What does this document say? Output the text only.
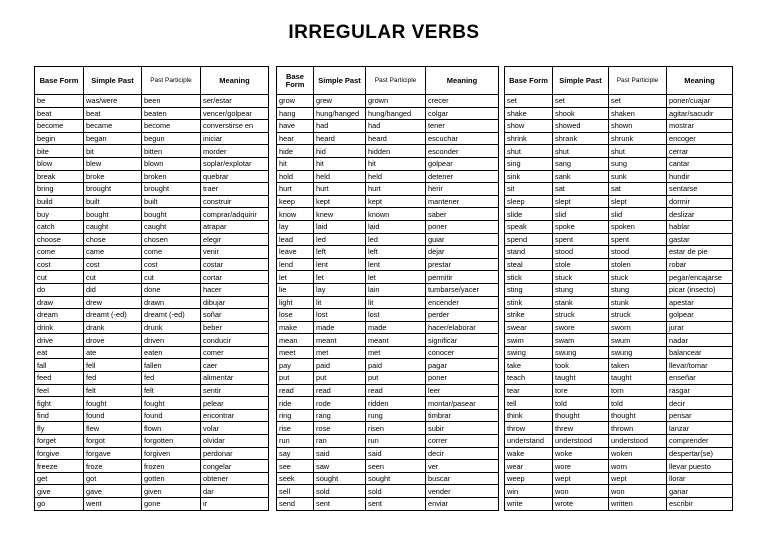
IRREGULAR VERBS
Base Form	Simple Past	Past Participle	Meaning
be	was/were	been	ser/estar
beat	beat	beaten	vencer/golpear
become	became	become	converstirse en
begin	began	begun	iniciar
bite	bit	bitten	morder
blow	blew	blown	soplar/explotar
break	broke	broken	quebrar
bring	brought	brought	traer
build	built	built	construir
buy	bought	bought	comprar/adquirir
catch	caught	caught	atrapar
choose	chose	chosen	elegir
come	came	come	venir
cost	cost	cost	costar
cut	cut	cut	cortar
do	did	done	hacer
draw	drew	drawn	dibujar
dream	dreamt (-ed)	dreamt (-ed)	soñar
drink	drank	drunk	beber
drive	drove	driven	conducir
eat	ate	eaten	comer
fall	fell	fallen	caer
feed	fed	fed	alimentar
feel	felt	felt	sentir
fight	fought	fought	pelear
find	found	found	encontrar
fly	flew	flown	volar
forget	forgot	forgotten	olvidar
forgive	forgave	forgiven	perdonar
freeze	froze	frozen	congelar
get	got	gotten	obtener
give	gave	given	dar
go	went	gone	ir
Base Form	Simple Past	Past Participle	Meaning
grow	grew	grown	crecer
hang	hung/hanged	hung/hanged	colgar
have	had	had	tener
hear	heard	heard	escuchar
hide	hid	hidden	esconder
hit	hit	hit	golpear
hold	held	held	detener
hurt	hurt	hurt	herir
keep	kept	kept	mantener
know	knew	known	saber
lay	laid	laid	poner
lead	led	led	guiar
leave	left	left	dejar
lend	lent	lent	prestar
let	let	let	permitir
lie	lay	lain	tumbarse/yacer
light	lit	lit	encender
lose	lost	lost	perder
make	made	made	hacer/elaborar
mean	meant	meant	significar
meet	met	met	conocer
pay	paid	paid	pagar
put	put	put	poner
read	read	read	leer
ride	rode	ridden	montar/pasear
ring	rang	rung	timbrar
rise	rose	risen	subir
run	ran	run	correr
say	said	said	decir
see	saw	seen	ver
seek	sought	sought	buscar
sell	sold	sold	vender
send	sent	sent	enviar
Base Form	Simple Past	Past Participle	Meaning
set	set	set	poner/cuajar
shake	shook	shaken	agitar/sacudir
show	showed	shown	mostrar
shrink	shrank	shrunk	encoger
shut	shut	shut	cerrar
sing	sang	sung	cantar
sink	sank	sunk	hundir
sit	sat	sat	sentarse
sleep	slept	slept	dormir
slide	slid	slid	deslizar
speak	spoke	spoken	hablar
spend	spent	spent	gastar
stand	stood	stood	estar de pie
steal	stole	stolen	robar
stick	stuck	stuck	pegar/encajarse
sting	stung	stung	picar (insecto)
stink	stank	stunk	apestar
strike	struck	struck	golpear
swear	swore	sworn	jurar
swim	swam	swum	nadar
swing	swung	swung	balancear
take	took	taken	llevar/tomar
teach	taught	taught	enseñar
tear	tore	torn	rasgar
tell	told	told	decir
think	thought	thought	pensar
throw	threw	thrown	lanzar
understand	understood	understood	comprender
wake	woke	woken	despertar(se)
wear	wore	worn	llevar puesto
weep	wept	wept	llorar
win	won	won	ganar
write	wrote	written	escribir
